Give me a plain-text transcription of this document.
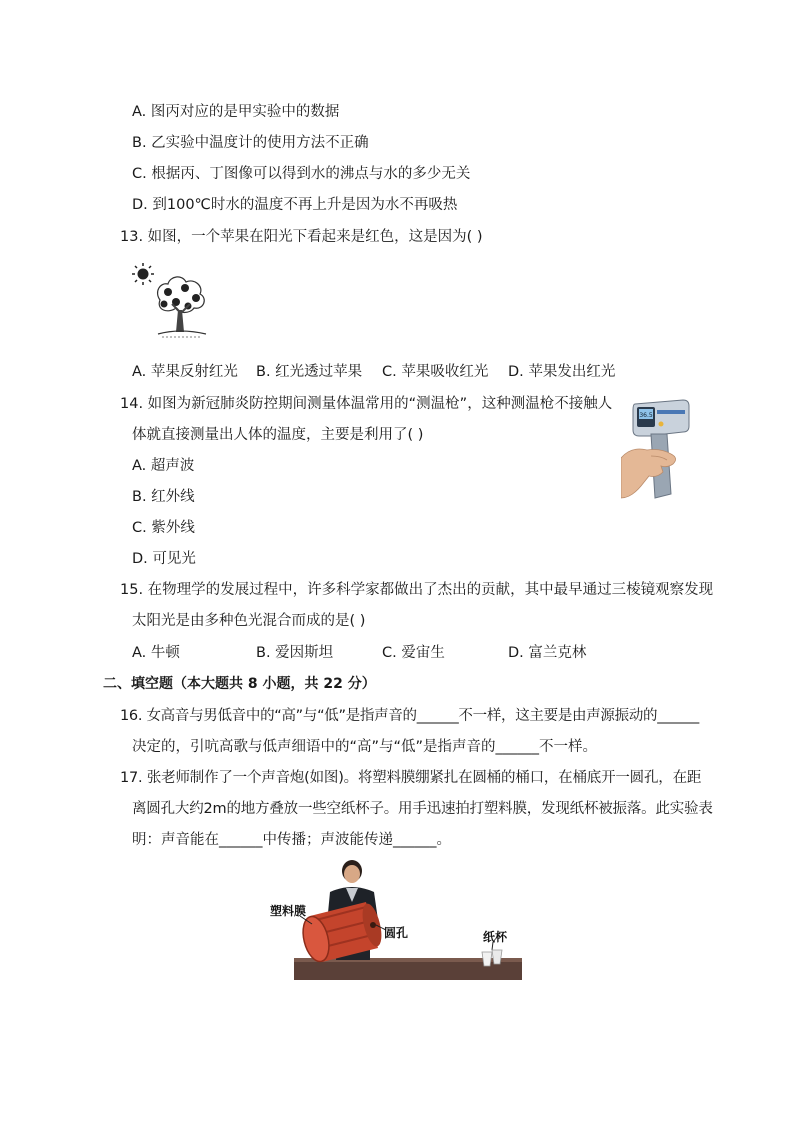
A. 图丙对应的是甲实验中的数据
B. 乙实验中温度计的使用方法不正确
C. 根据丙、丁图像可以得到水的沸点与水的多少无关
D. 到100℃时水的温度不再上升是因为水不再吸热
13. 如图，一个苹果在阳光下看起来是红色，这是因为( )
A. 苹果反射红光 B. 红光透过苹果 C. 苹果吸收红光 D. 苹果发出红光
14. 如图为新冠肺炎防控期间测量体温常用的“测温枪”，这种测温枪不接触人
体就直接测量出人体的温度，主要是利用了( )
A. 超声波
B. 红外线
C. 紫外线
D. 可见光
36.5
15. 在物理学的发展过程中，许多科学家都做出了杰出的贡献，其中最早通过三棱镜观察发现
太阳光是由多种色光混合而成的是( )
A. 牛顿	B. 爱因斯坦	C. 爱宙生	D. 富兰克林
二、填空题（本大题共 8 小题，共 22 分）
16. 女高音与男低音中的“高”与“低”是指声音的______不一样，这主要是由声源振动的______
决定的，引吭高歌与低声细语中的“高”与“低”是指声音的______不一样。
17. 张老师制作了一个声音炮(如图)。将塑料膜绷紧扎在圆桶的桶口，在桶底开一圆孔，在距
离圆孔大约2m的地方叠放一些空纸杯子。用手迅速拍打塑料膜，发现纸杯被振落。此实验表
明：声音能在______中传播；声波能传递______。
塑料膜
圆孔	纸杯
